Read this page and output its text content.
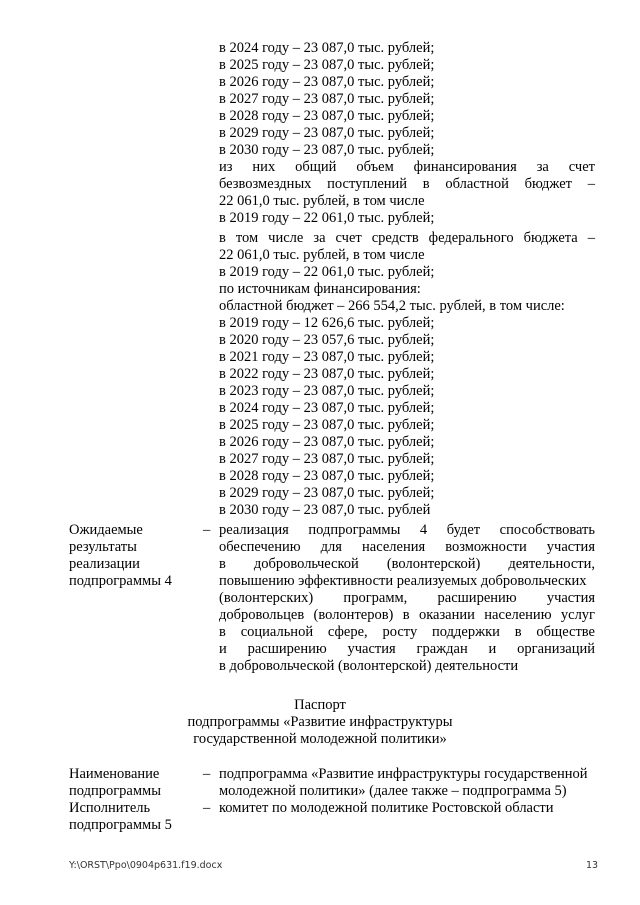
в 2024 году – 23 087,0 тыс. рублей;
в 2025 году – 23 087,0 тыс. рублей;
в 2026 году – 23 087,0 тыс. рублей;
в 2027 году – 23 087,0 тыс. рублей;
в 2028 году – 23 087,0 тыс. рублей;
в 2029 году – 23 087,0 тыс. рублей;
в 2030 году – 23 087,0 тыс. рублей;
из них общий объем финансирования за счет
безвозмездных поступлений в областной бюджет –
22 061,0 тыс. рублей, в том числе
в 2019 году – 22 061,0 тыс. рублей;
в том числе за счет средств федерального бюджета –
22 061,0 тыс. рублей, в том числе
в 2019 году – 22 061,0 тыс. рублей;
по источникам финансирования:
областной бюджет – 266 554,2 тыс. рублей, в том числе:
в 2019 году – 12 626,6 тыс. рублей;
в 2020 году – 23 057,6 тыс. рублей;
в 2021 году – 23 087,0 тыс. рублей;
в 2022 году – 23 087,0 тыс. рублей;
в 2023 году – 23 087,0 тыс. рублей;
в 2024 году – 23 087,0 тыс. рублей;
в 2025 году – 23 087,0 тыс. рублей;
в 2026 году – 23 087,0 тыс. рублей;
в 2027 году – 23 087,0 тыс. рублей;
в 2028 году – 23 087,0 тыс. рублей;
в 2029 году – 23 087,0 тыс. рублей;
в 2030 году – 23 087,0 тыс. рублей
Ожидаемые
результаты
реализации
подпрограммы 4
– реализация подпрограммы 4 будет способствовать
обеспечению для населения возможности участия
в добровольческой (волонтерской) деятельности,
повышению эффективности реализуемых добровольческих
(волонтерских) программ, расширению участия
добровольцев (волонтеров) в оказании населению услуг
в социальной сфере, росту поддержки в обществе
и расширению участия граждан и организаций
в добровольческой (волонтерской) деятельности
Паспорт
подпрограммы «Развитие инфраструктуры
государственной молодежной политики»
Наименование
подпрограммы
– подпрограмма «Развитие инфраструктуры государственной
молодежной политики» (далее также – подпрограмма 5)
Исполнитель
подпрограммы 5
– комитет по молодежной политике Ростовской области
Y:\ORST\Ppo\0904p631.f19.docx	13
